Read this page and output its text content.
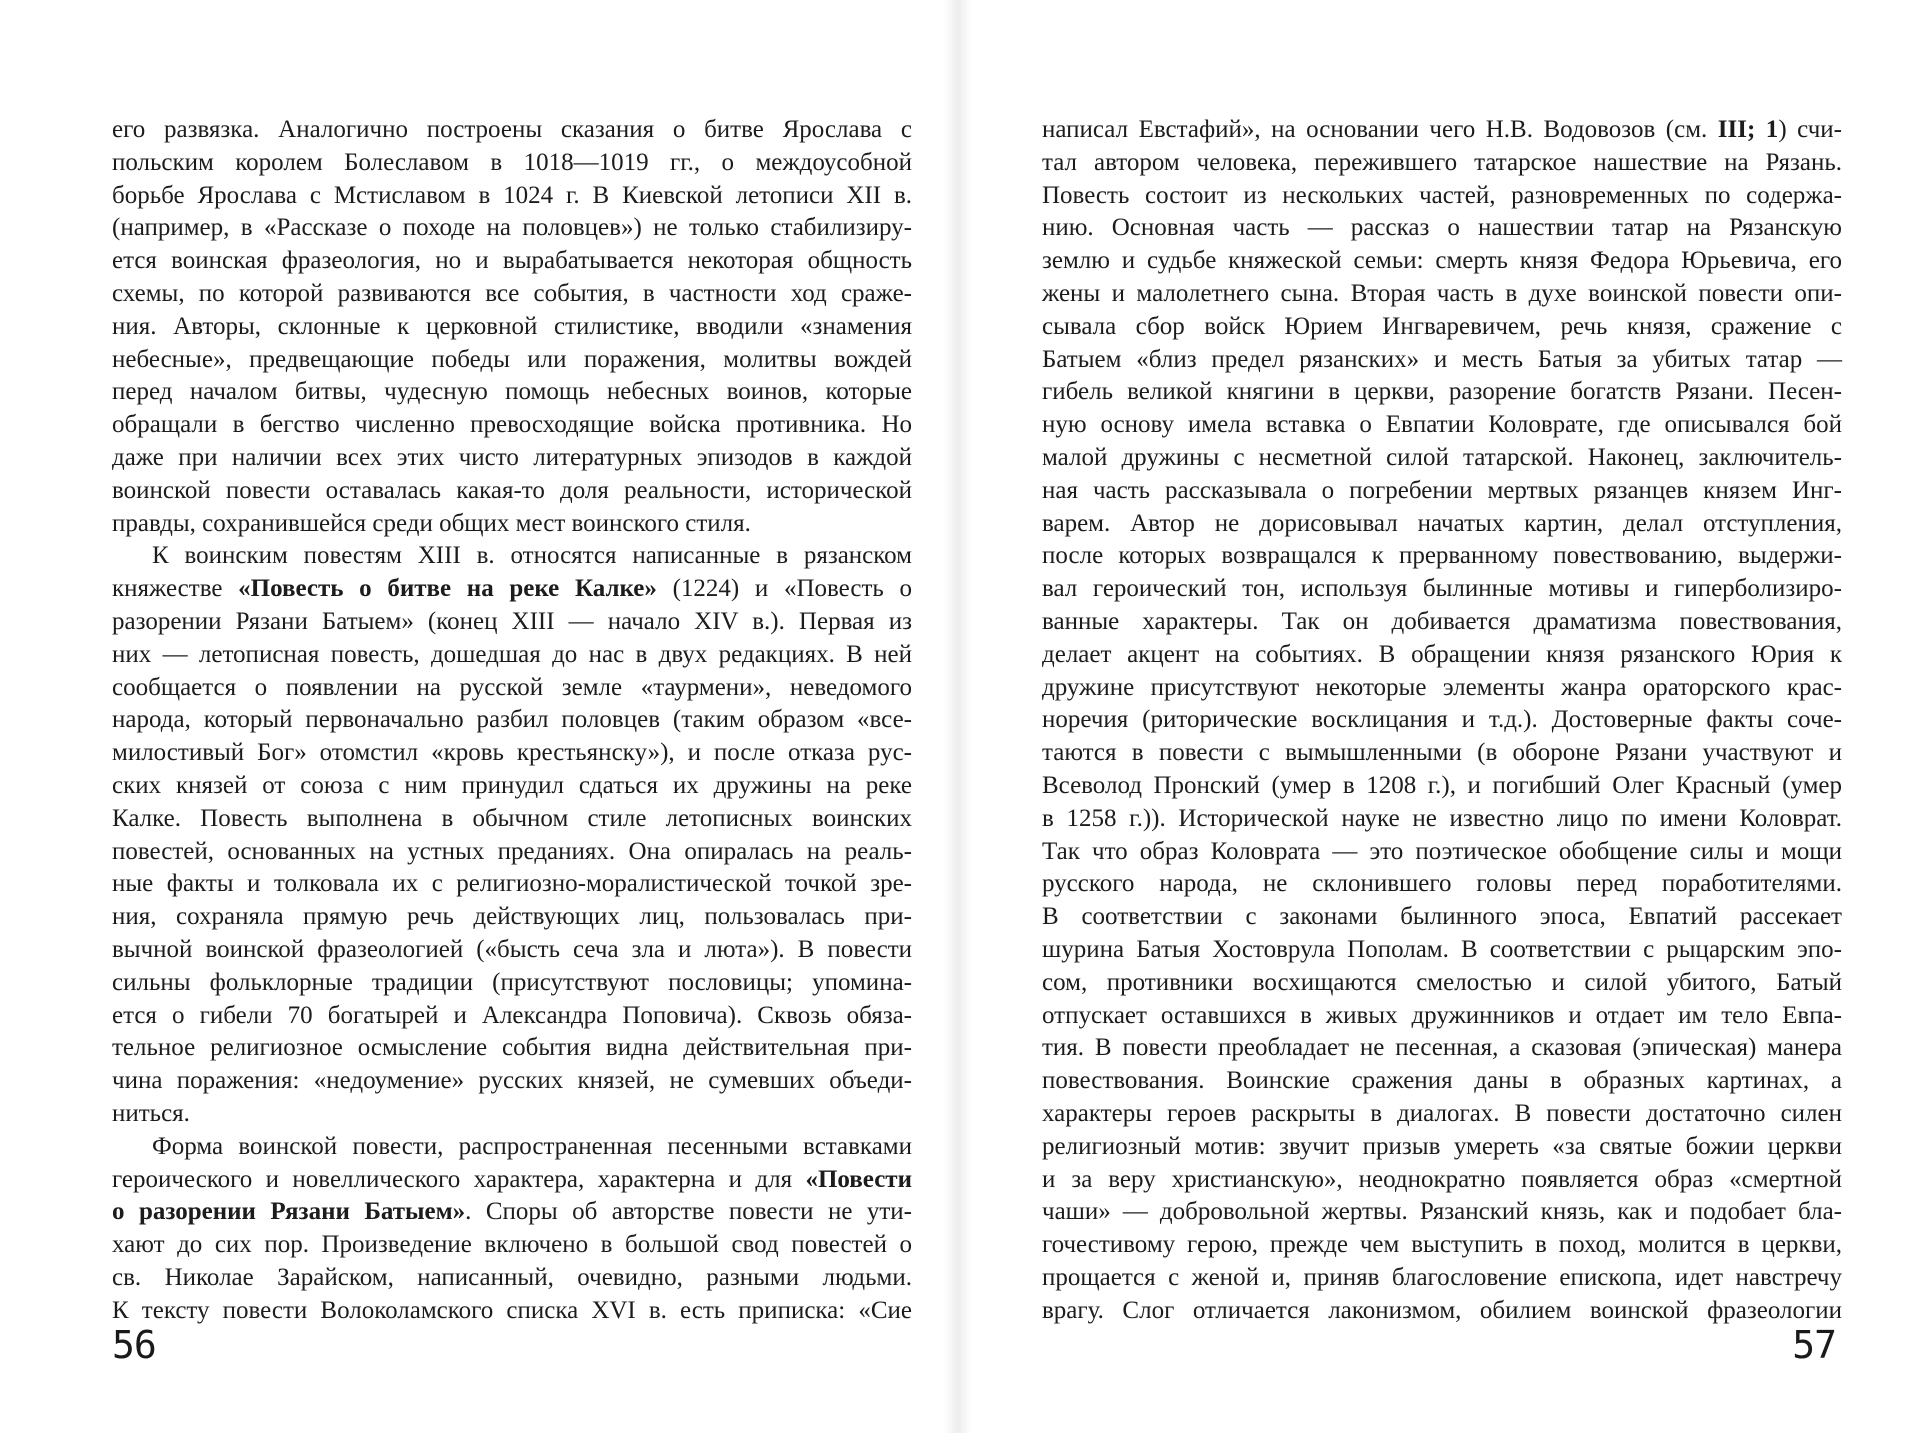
его развязка. Аналогично построены сказания о битве Ярослава с
польским королем Болеславом в 1018—1019 гг., о междоусобной
борьбе Ярослава с Мстиславом в 1024 г. В Киевской летописи XII в.
(например, в «Рассказе о походе на половцев») не только стабилизиру-
ется воинская фразеология, но и вырабатывается некоторая общность
схемы, по которой развиваются все события, в частности ход сраже-
ния. Авторы, склонные к церковной стилистике, вводили «знамения
небесные», предвещающие победы или поражения, молитвы вождей
перед началом битвы, чудесную помощь небесных воинов, которые
обращали в бегство численно превосходящие войска противника. Но
даже при наличии всех этих чисто литературных эпизодов в каждой
воинской повести оставалась какая-то доля реальности, исторической
правды, сохранившейся среди общих мест воинского стиля.
К воинским повестям XIII в. относятся написанные в рязанском
княжестве «Повесть о битве на реке Калке» (1224) и «Повесть о
разорении Рязани Батыем» (конец XIII — начало XIV в.). Первая из
них — летописная повесть, дошедшая до нас в двух редакциях. В ней
сообщается о появлении на русской земле «таурмени», неведомого
народа, который первоначально разбил половцев (таким образом «все-
милостивый Бог» отомстил «кровь крестьянску»), и после отказа рус-
ских князей от союза с ним принудил сдаться их дружины на реке
Калке. Повесть выполнена в обычном стиле летописных воинских
повестей, основанных на устных преданиях. Она опиралась на реаль-
ные факты и толковала их с религиозно-моралистической точкой зре-
ния, сохраняла прямую речь действующих лиц, пользовалась при-
вычной воинской фразеологией («бысть сеча зла и люта»). В повести
сильны фольклорные традиции (присутствуют пословицы; упомина-
ется о гибели 70 богатырей и Александра Поповича). Сквозь обяза-
тельное религиозное осмысление события видна действительная при-
чина поражения: «недоумение» русских князей, не сумевших объеди-
ниться.
Форма воинской повести, распространенная песенными вставками
героического и новеллического характера, характерна и для «Повести
о разорении Рязани Батыем». Споры об авторстве повести не ути-
хают до сих пор. Произведение включено в большой свод повестей о
св. Николае Зарайском, написанный, очевидно, разными людьми.
К тексту повести Волоколамского списка XVI в. есть приписка: «Сие
56
написал Евстафий», на основании чего Н.В. Водовозов (см. III; 1) счи-
тал автором человека, пережившего татарское нашествие на Рязань.
Повесть состоит из нескольких частей, разновременных по содержа-
нию. Основная часть — рассказ о нашествии татар на Рязанскую
землю и судьбе княжеской семьи: смерть князя Федора Юрьевича, его
жены и малолетнего сына. Вторая часть в духе воинской повести опи-
сывала сбор войск Юрием Ингваревичем, речь князя, сражение с
Батыем «близ предел рязанских» и месть Батыя за убитых татар —
гибель великой княгини в церкви, разорение богатств Рязани. Песен-
ную основу имела вставка о Евпатии Коловрате, где описывался бой
малой дружины с несметной силой татарской. Наконец, заключитель-
ная часть рассказывала о погребении мертвых рязанцев князем Инг-
варем. Автор не дорисовывал начатых картин, делал отступления,
после которых возвращался к прерванному повествованию, выдержи-
вал героический тон, используя былинные мотивы и гиперболизиро-
ванные характеры. Так он добивается драматизма повествования,
делает акцент на событиях. В обращении князя рязанского Юрия к
дружине присутствуют некоторые элементы жанра ораторского крас-
норечия (риторические восклицания и т.д.). Достоверные факты соче-
таются в повести с вымышленными (в обороне Рязани участвуют и
Всеволод Пронский (умер в 1208 г.), и погибший Олег Красный (умер
в 1258 г.)). Исторической науке не известно лицо по имени Коловрат.
Так что образ Коловрата — это поэтическое обобщение силы и мощи
русского народа, не склонившего головы перед поработителями.
В соответствии с законами былинного эпоса, Евпатий рассекает
шурина Батыя Хостоврула Пополам. В соответствии с рыцарским эпо-
сом, противники восхищаются смелостью и силой убитого, Батый
отпускает оставшихся в живых дружинников и отдает им тело Евпа-
тия. В повести преобладает не песенная, а сказовая (эпическая) манера
повествования. Воинские сражения даны в образных картинах, а
характеры героев раскрыты в диалогах. В повести достаточно силен
религиозный мотив: звучит призыв умереть «за святые божии церкви
и за веру христианскую», неоднократно появляется образ «смертной
чаши» — добровольной жертвы. Рязанский князь, как и подобает бла-
гочестивому герою, прежде чем выступить в поход, молится в церкви,
прощается с женой и, приняв благословение епископа, идет навстречу
врагу. Слог отличается лаконизмом, обилием воинской фразеологии
57
